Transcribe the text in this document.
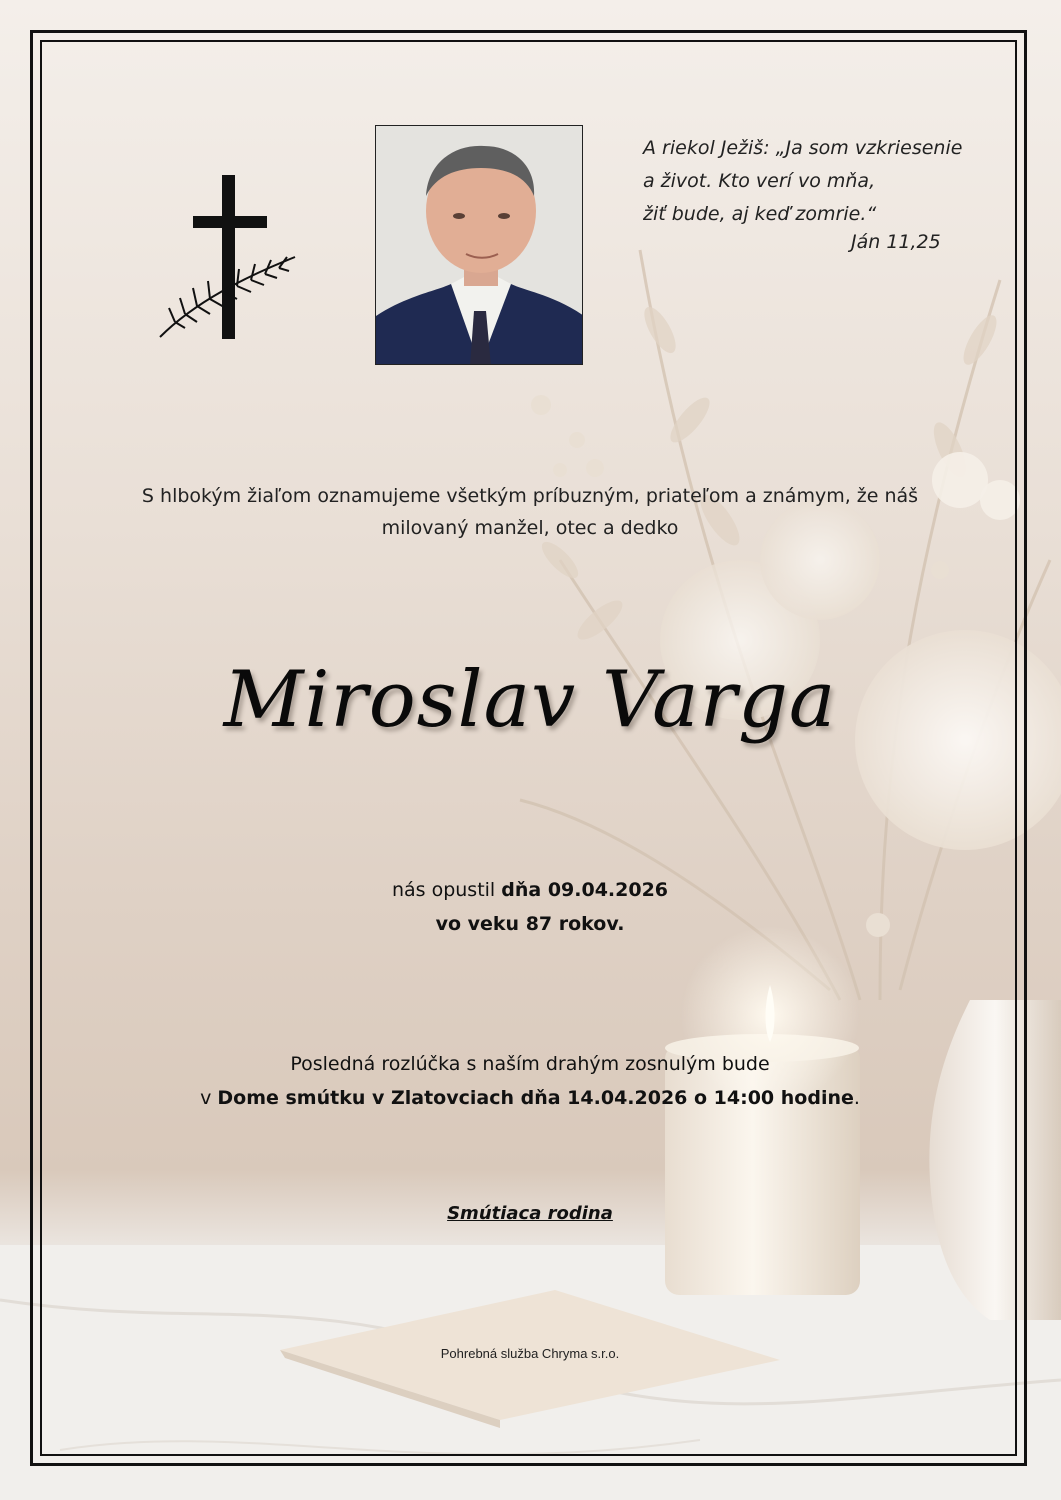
A riekol Ježiš: „Ja som vzkriesenie
a život. Kto verí vo mňa,
žiť bude, aj keď zomrie.“
Ján 11,25
S hlbokým žiaľom oznamujeme všetkým príbuzným, priateľom a známym, že náš
milovaný manžel, otec a dedko
Miroslav Varga
nás opustil dňa 09.04.2026
vo veku 87 rokov.
Posledná rozlúčka s naším drahým zosnulým bude
v Dome smútku v Zlatovciach dňa 14.04.2026 o 14:00 hodine.
Smútiaca rodina
Pohrebná služba Chryma s.r.o.
